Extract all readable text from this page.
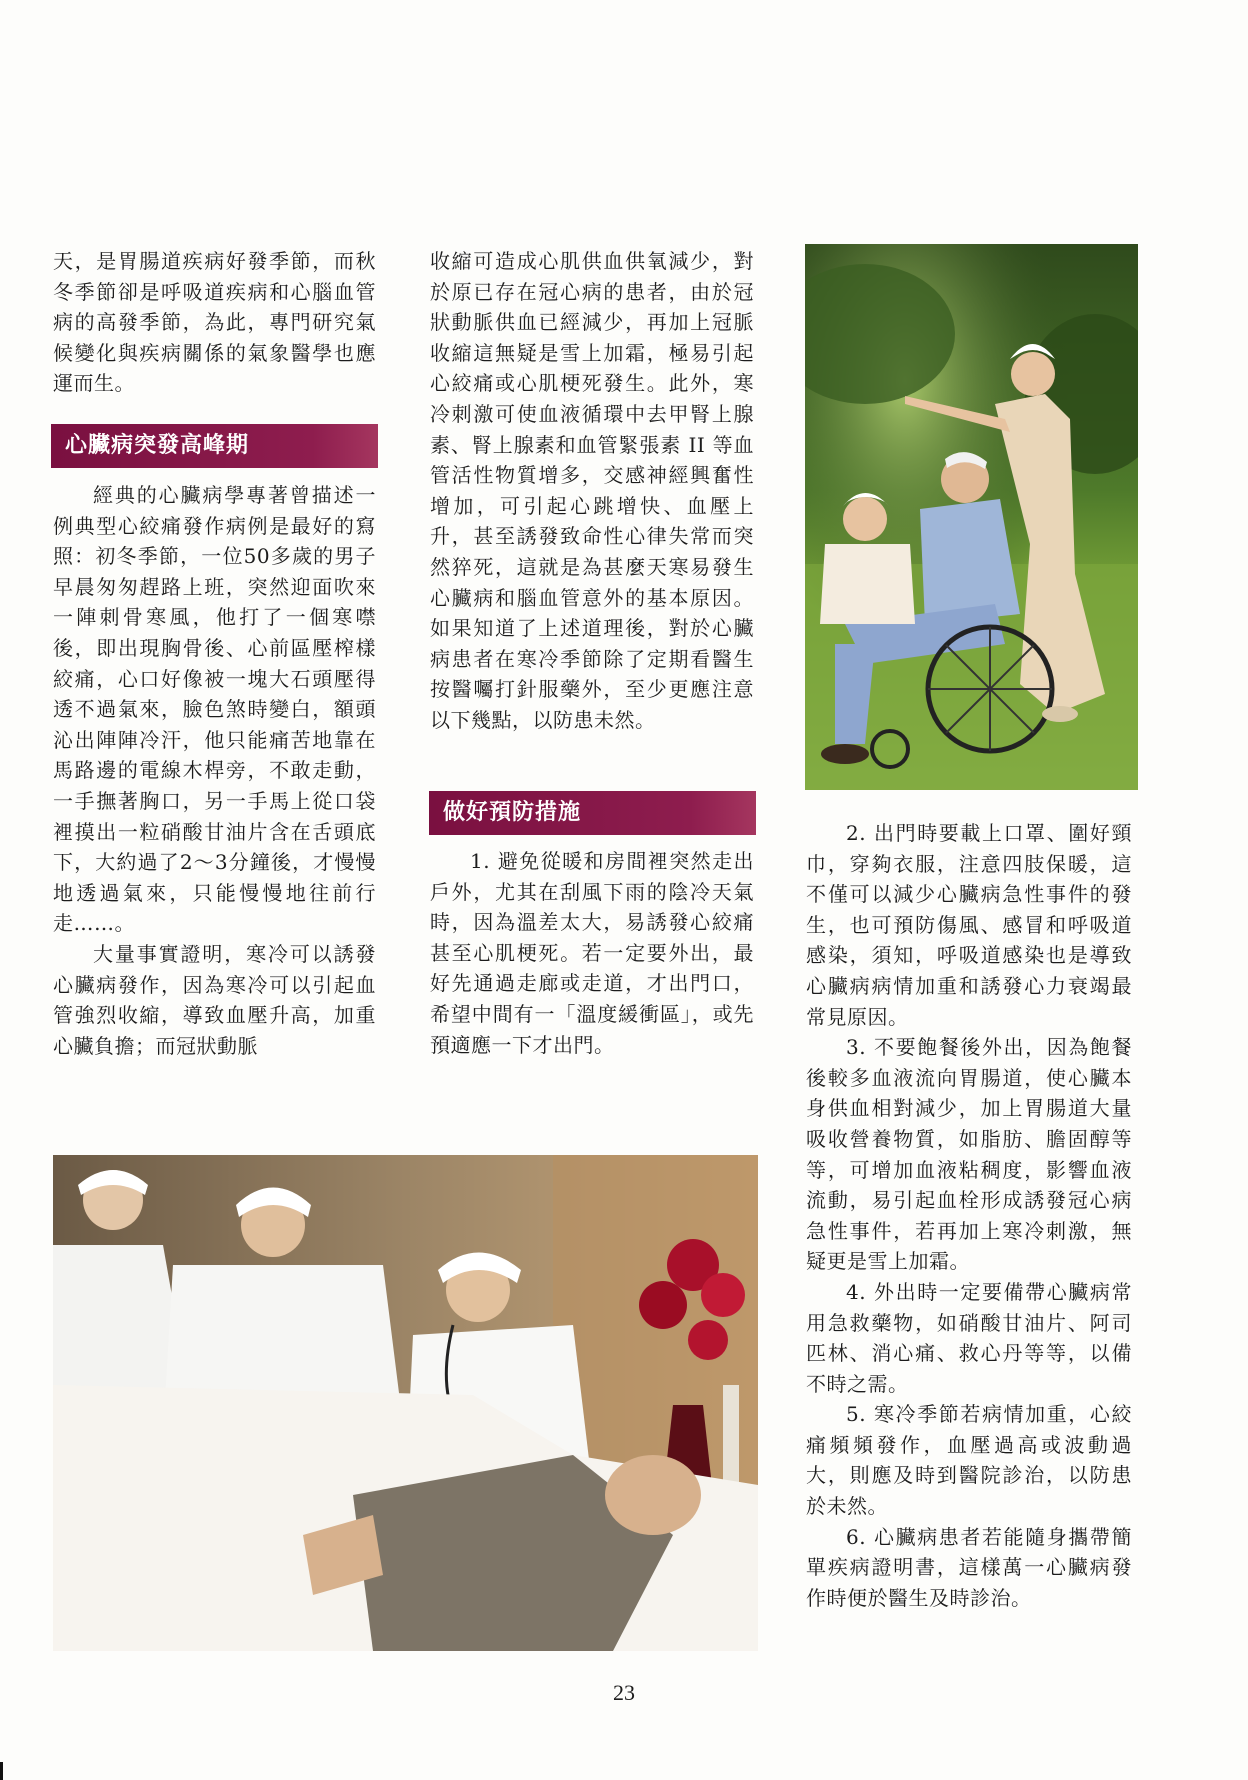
天，是胃腸道疾病好發季節，而秋冬季節卻是呼吸道疾病和心腦血管病的高發季節，為此，專門研究氣候變化與疾病關係的氣象醫學也應運而生。

心臟病突發高峰期

經典的心臟病學專著曾描述一例典型心絞痛發作病例是最好的寫照：初冬季節，一位50多歲的男子早晨匆匆趕路上班，突然迎面吹來一陣刺骨寒風，他打了一個寒噤後，即出現胸骨後、心前區壓榨樣絞痛，心口好像被一塊大石頭壓得透不過氣來，臉色煞時變白，額頭沁出陣陣冷汗，他只能痛苦地靠在馬路邊的電線木桿旁，不敢走動，一手撫著胸口，另一手馬上從口袋裡摸出一粒硝酸甘油片含在舌頭底下，大約過了2～3分鐘後，才慢慢地透過氣來，只能慢慢地往前行走……。

大量事實證明，寒冷可以誘發心臟病發作，因為寒冷可以引起血管強烈收縮，導致血壓升高，加重心臟負擔；而冠狀動脈

收縮可造成心肌供血供氧減少，對於原已存在冠心病的患者，由於冠狀動脈供血已經減少，再加上冠脈收縮這無疑是雪上加霜，極易引起心絞痛或心肌梗死發生。此外，寒冷刺激可使血液循環中去甲腎上腺素、腎上腺素和血管緊張素 II 等血管活性物質增多，交感神經興奮性增加，可引起心跳增快、血壓上升，甚至誘發致命性心律失常而突然猝死，這就是為甚麼天寒易發生心臟病和腦血管意外的基本原因。如果知道了上述道理後，對於心臟病患者在寒冷季節除了定期看醫生按醫囑打針服藥外，至少更應注意以下幾點，以防患未然。

做好預防措施

1. 避免從暖和房間裡突然走出戶外，尤其在刮風下雨的陰冷天氣時，因為溫差太大，易誘發心絞痛甚至心肌梗死。若一定要外出，最好先通過走廊或走道，才出門口，希望中間有一「溫度緩衝區」，或先預適應一下才出門。

2. 出門時要載上口罩、圍好頸巾，穿夠衣服，注意四肢保暖，這不僅可以減少心臟病急性事件的發生，也可預防傷風、感冒和呼吸道感染，須知，呼吸道感染也是導致心臟病病情加重和誘發心力衰竭最常見原因。

3. 不要飽餐後外出，因為飽餐後較多血液流向胃腸道，使心臟本身供血相對減少，加上胃腸道大量吸收營養物質，如脂肪、膽固醇等等，可增加血液粘稠度，影響血液流動，易引起血栓形成誘發冠心病急性事件，若再加上寒冷刺激，無疑更是雪上加霜。

4. 外出時一定要備帶心臟病常用急救藥物，如硝酸甘油片、阿司匹林、消心痛、救心丹等等，以備不時之需。

5. 寒冷季節若病情加重，心絞痛頻頻發作，血壓過高或波動過大，則應及時到醫院診治，以防患於未然。

6. 心臟病患者若能隨身攜帶簡單疾病證明書，這樣萬一心臟病發作時便於醫生及時診治。

23
